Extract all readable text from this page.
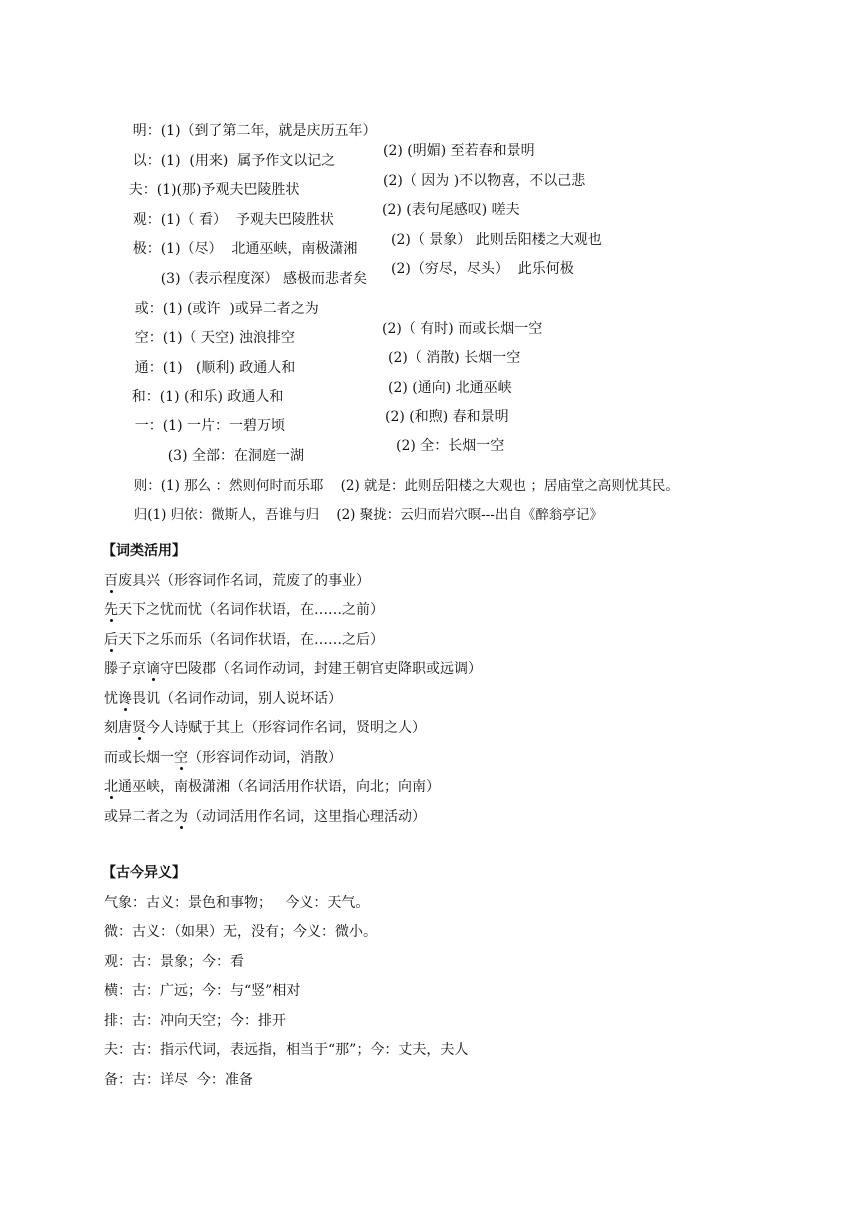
明：(1)（到了第二年，就是庆历五年）

(2) (明媚) 至若春和景明

以：(1)  (用来)  属予作文以记之

(2)（ 因为 )不以物喜，不以己悲

夫：(1)(那)予观夫巴陵胜状

(2) (表句尾感叹) 嗟夫

观：(1)（ 看）  予观夫巴陵胜状

(2)（ 景象） 此则岳阳楼之大观也

极：(1)（尽）  北通巫峡，南极潇湘

(2)（穷尽，尽头）  此乐何极

(3)（表示程度深） 感极而悲者矣

或：(1) (或许  )或异二者之为

(2)（ 有时) 而或长烟一空

空：(1)（ 天空) 浊浪排空

(2)（ 消散) 长烟一空

通：(1)   (顺利) 政通人和

(2) (通向) 北通巫峡

和：(1) (和乐) 政通人和

(2) (和煦) 春和景明

一：(1) 一片：一碧万顷

(2) 全：长烟一空

(3) 全部：在洞庭一湖

则：(1) 那么 ：然则何时而乐耶    (2) 就是：此则岳阳楼之大观也 ；居庙堂之高则忧其民。

归(1) 归依：微斯人，吾谁与归    (2) 聚拢：云归而岩穴暝---出自《醉翁亭记》

【词类活用】
百废具兴（形容词作名词，荒废了的事业）
先天下之忧而忧（名词作状语，在……之前）
后天下之乐而乐（名词作状语，在……之后）
滕子京谪守巴陵郡（名词作动词，封建王朝官吏降职或远调）
忧谗畏讥（名词作动词，别人说坏话）
刻唐贤今人诗赋于其上（形容词作名词，贤明之人）
而或长烟一空（形容词作动词，消散）
北通巫峡，南极潇湘（名词活用作状语，向北；向南）
或异二者之为（动词活用作名词，这里指心理活动）
【古今异义】
气象：古义：景色和事物；   今义：天气。
微：古义：（如果）无，没有；今义：微小。
观：古：景象；今：看
横：古：广远；今：与“竖”相对
排：古：冲向天空；今：排开
夫：古：指示代词，表远指，相当于“那”；今：丈夫，夫人
备：古：详尽  今：准备
